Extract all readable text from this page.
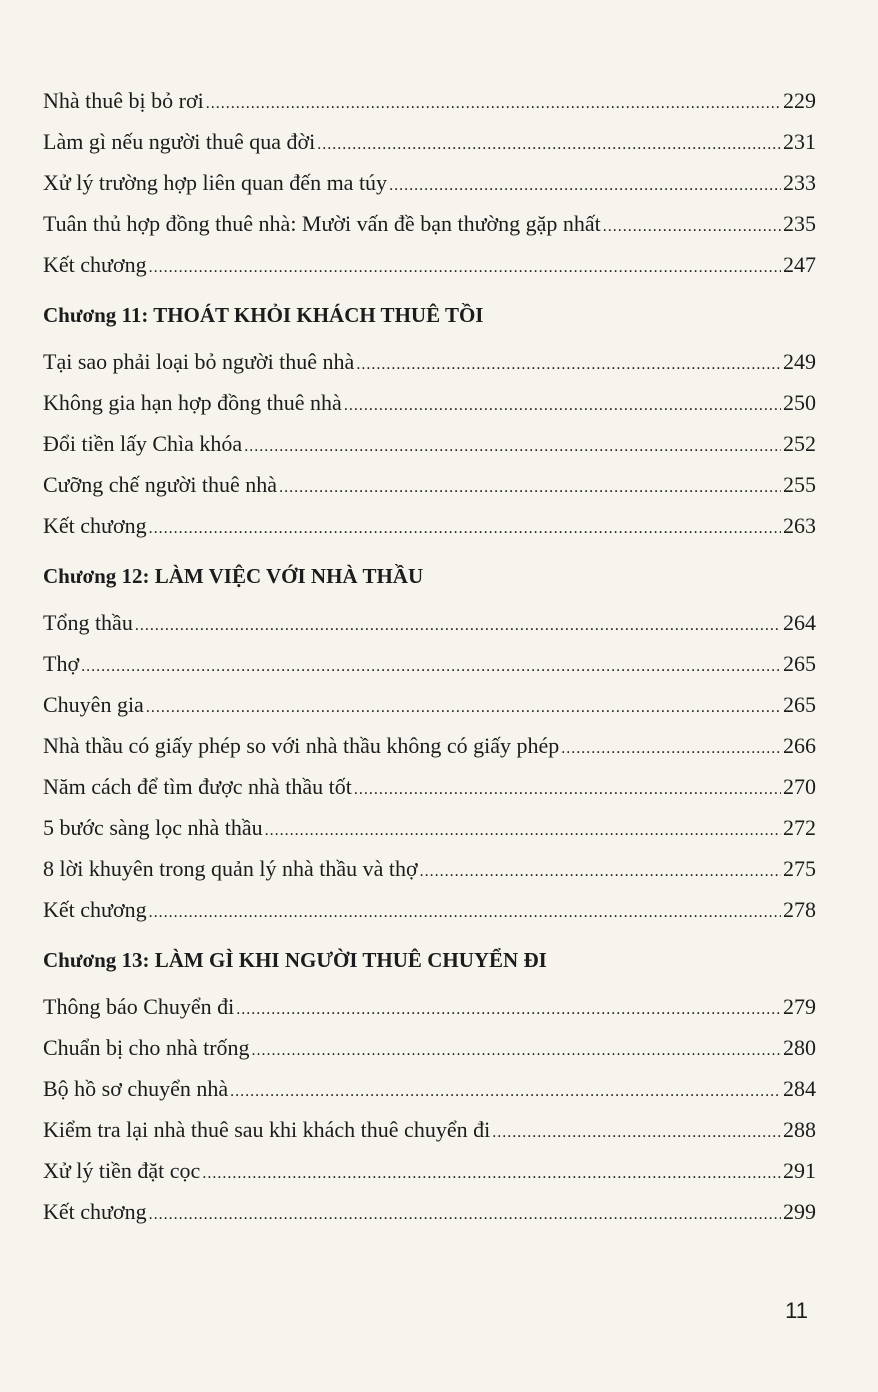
Nhà thuê bị bỏ rơi .....	229
Làm gì nếu người thuê qua đời .....	231
Xử lý trường hợp liên quan đến ma túy .....	233
Tuân thủ hợp đồng thuê nhà: Mười vấn đề bạn thường gặp nhất .....	235
Kết chương .....	247
Chương 11: THOÁT KHỎI KHÁCH THUÊ TỒI
Tại sao phải loại bỏ người thuê nhà .....	249
Không gia hạn hợp đồng thuê nhà .....	250
Đổi tiền lấy Chìa khóa .....	252
Cưỡng chế người thuê nhà .....	255
Kết chương .....	263
Chương 12: LÀM VIỆC VỚI NHÀ THẦU
Tổng thầu .....	264
Thợ .....	265
Chuyên gia .....	265
Nhà thầu có giấy phép so với nhà thầu không có giấy phép .....	266
Năm cách để tìm được nhà thầu tốt .....	270
5 bước sàng lọc nhà thầu .....	272
8 lời khuyên trong quản lý nhà thầu và thợ .....	275
Kết chương .....	278
Chương 13: LÀM GÌ KHI NGƯỜI THUÊ CHUYỂN ĐI
Thông báo Chuyển đi .....	279
Chuẩn bị cho nhà trống .....	280
Bộ hồ sơ chuyển nhà .....	284
Kiểm tra lại nhà thuê sau khi khách thuê chuyển đi .....	288
Xử lý tiền đặt cọc .....	291
Kết chương .....	299
11
